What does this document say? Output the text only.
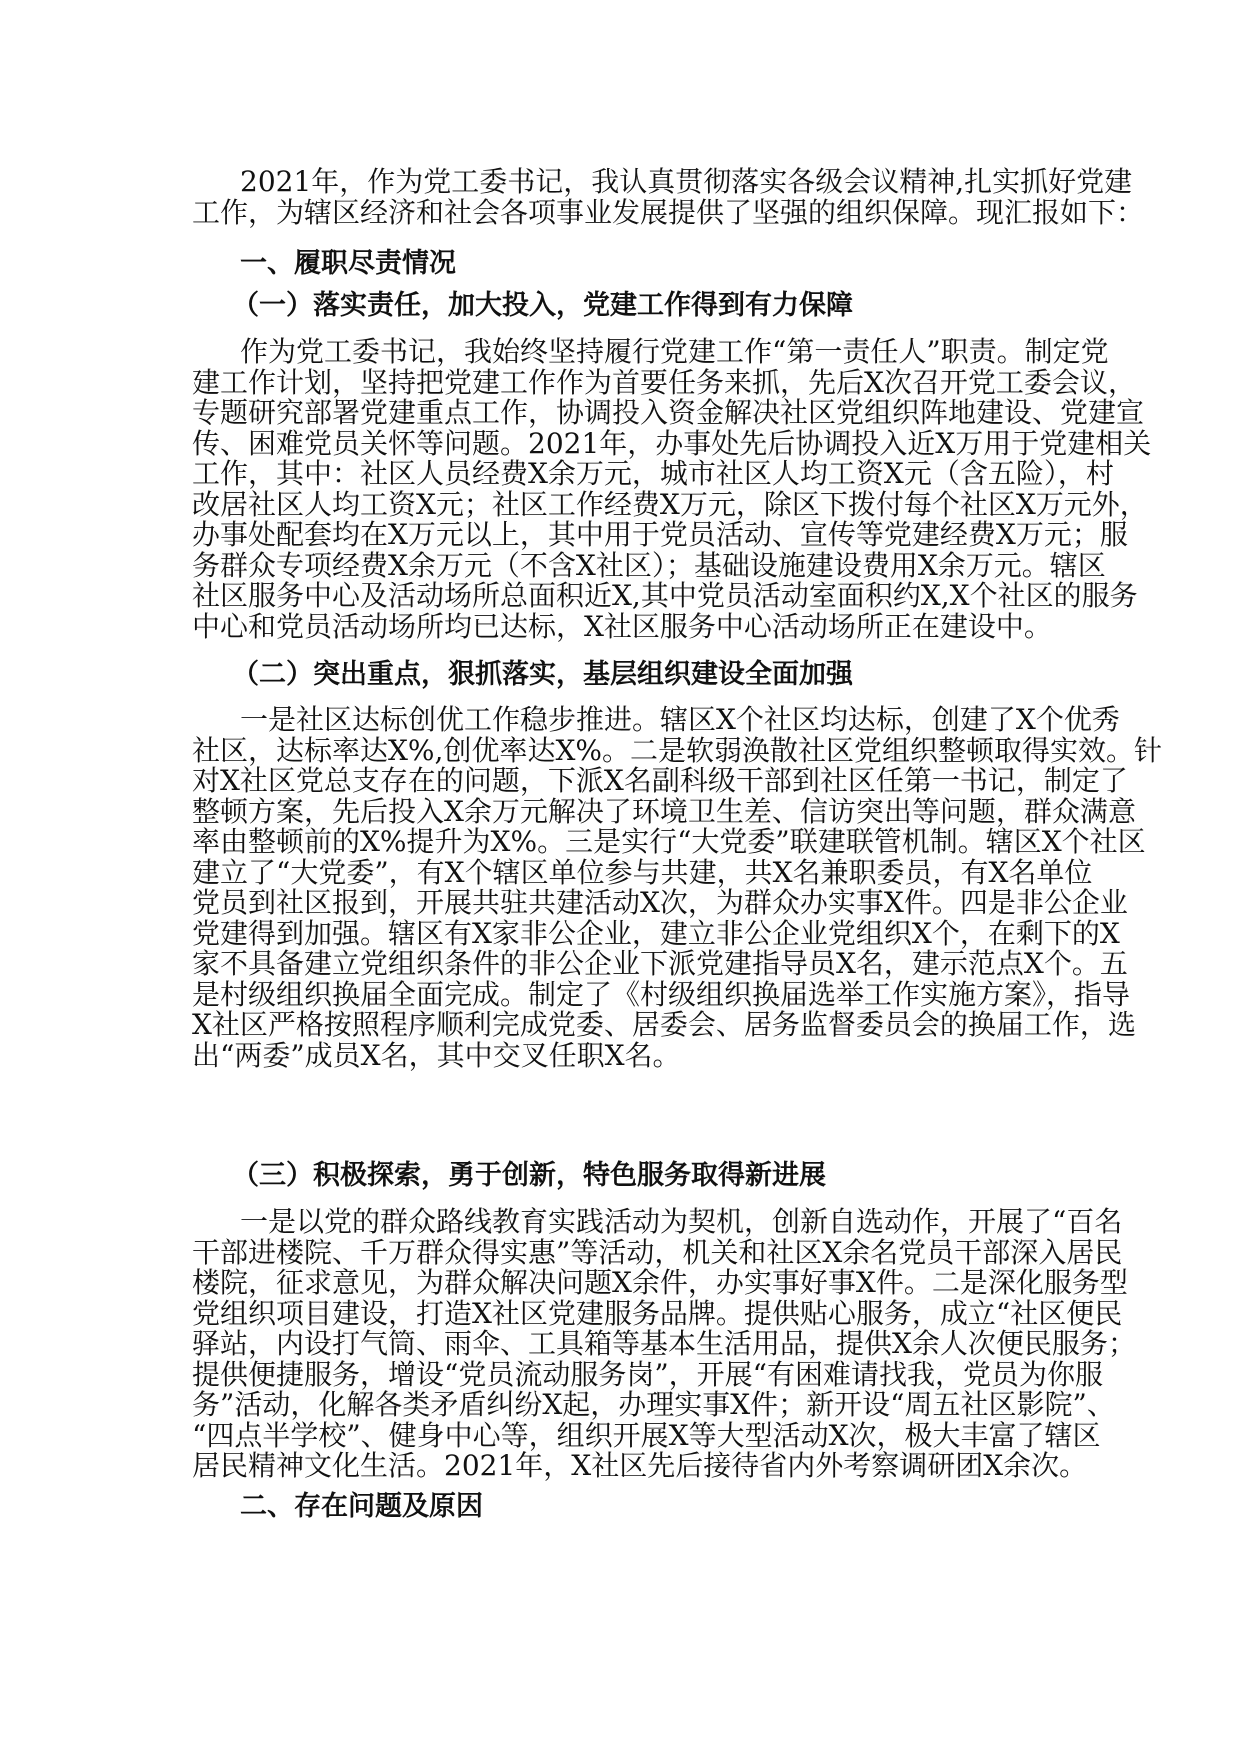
2021年，作为党工委书记，我认真贯彻落实各级会议精神,扎实抓好党建
工作，为辖区经济和社会各项事业发展提供了坚强的组织保障。现汇报如下：
一、履职尽责情况
（一）落实责任，加大投入，党建工作得到有力保障
作为党工委书记，我始终坚持履行党建工作“第一责任人”职责。制定党
建工作计划，坚持把党建工作作为首要任务来抓，先后X次召开党工委会议，
专题研究部署党建重点工作，协调投入资金解决社区党组织阵地建设、党建宣
传、困难党员关怀等问题。2021年，办事处先后协调投入近X万用于党建相关
工作，其中：社区人员经费X余万元，城市社区人均工资X元（含五险），村
改居社区人均工资X元；社区工作经费X万元，除区下拨付每个社区X万元外，
办事处配套均在X万元以上，其中用于党员活动、宣传等党建经费X万元；服
务群众专项经费X余万元（不含X社区）；基础设施建设费用X余万元。辖区
社区服务中心及活动场所总面积近X,其中党员活动室面积约X,X个社区的服务
中心和党员活动场所均已达标，X社区服务中心活动场所正在建设中。
（二）突出重点，狠抓落实，基层组织建设全面加强
一是社区达标创优工作稳步推进。辖区X个社区均达标，创建了X个优秀
社区，达标率达X%,创优率达X%。二是软弱涣散社区党组织整顿取得实效。针
对X社区党总支存在的问题，下派X名副科级干部到社区任第一书记，制定了
整顿方案，先后投入X余万元解决了环境卫生差、信访突出等问题，群众满意
率由整顿前的X%提升为X%。三是实行“大党委”联建联管机制。辖区X个社区
建立了“大党委”，有X个辖区单位参与共建，共X名兼职委员，有X名单位
党员到社区报到，开展共驻共建活动X次，为群众办实事X件。四是非公企业
党建得到加强。辖区有X家非公企业，建立非公企业党组织X个，在剩下的X
家不具备建立党组织条件的非公企业下派党建指导员X名，建示范点X个。五
是村级组织换届全面完成。制定了《村级组织换届选举工作实施方案》，指导
X社区严格按照程序顺利完成党委、居委会、居务监督委员会的换届工作，选
出“两委”成员X名，其中交叉任职X名。
（三）积极探索，勇于创新，特色服务取得新进展
一是以党的群众路线教育实践活动为契机，创新自选动作，开展了“百名
干部进楼院、千万群众得实惠”等活动，机关和社区X余名党员干部深入居民
楼院，征求意见，为群众解决问题X余件，办实事好事X件。二是深化服务型
党组织项目建设，打造X社区党建服务品牌。提供贴心服务，成立“社区便民
驿站，内设打气筒、雨伞、工具箱等基本生活用品，提供X余人次便民服务；
提供便捷服务，增设“党员流动服务岗”，开展“有困难请找我，党员为你服
务”活动，化解各类矛盾纠纷X起，办理实事X件；新开设“周五社区影院”、
“四点半学校”、健身中心等，组织开展X等大型活动X次，极大丰富了辖区
居民精神文化生活。2021年，X社区先后接待省内外考察调研团X余次。
二、存在问题及原因
